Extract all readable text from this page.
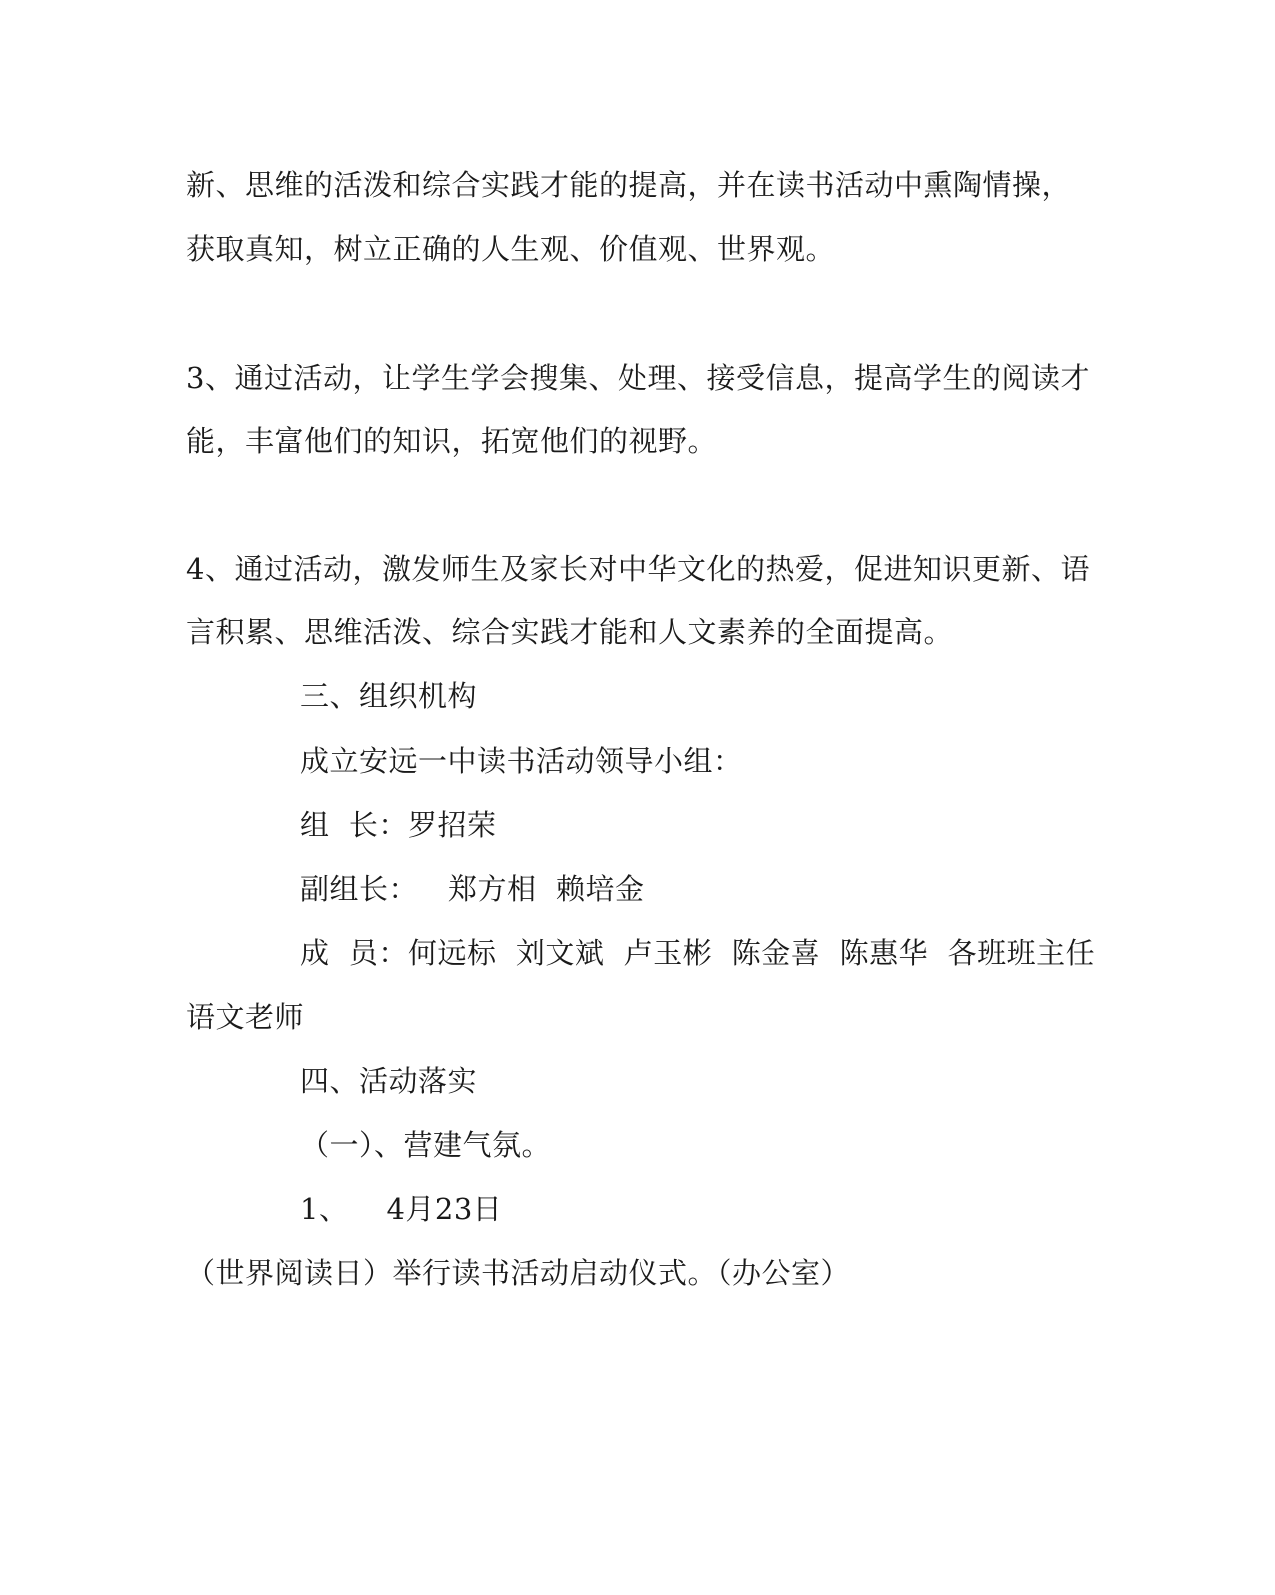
新、思维的活泼和综合实践才能的提高，并在读书活动中熏陶情操，
获取真知，树立正确的人生观、价值观、世界观。
3、通过活动，让学生学会搜集、处理、接受信息，提高学生的阅读才
能，丰富他们的知识，拓宽他们的视野。
4、通过活动，激发师生及家长对中华文化的热爱，促进知识更新、语
言积累、思维活泼、综合实践才能和人文素养的全面提高。
三、组织机构
成立安远一中读书活动领导小组：
组  长：罗招荣
副组长： 郑方相  赖培金
成  员：何远标  刘文斌  卢玉彬  陈金喜  陈惠华  各班班主任
语文老师
四、活动落实
（一）、营建气氛。
1、 4月23日
（世界阅读日）举行读书活动启动仪式。（办公室）
